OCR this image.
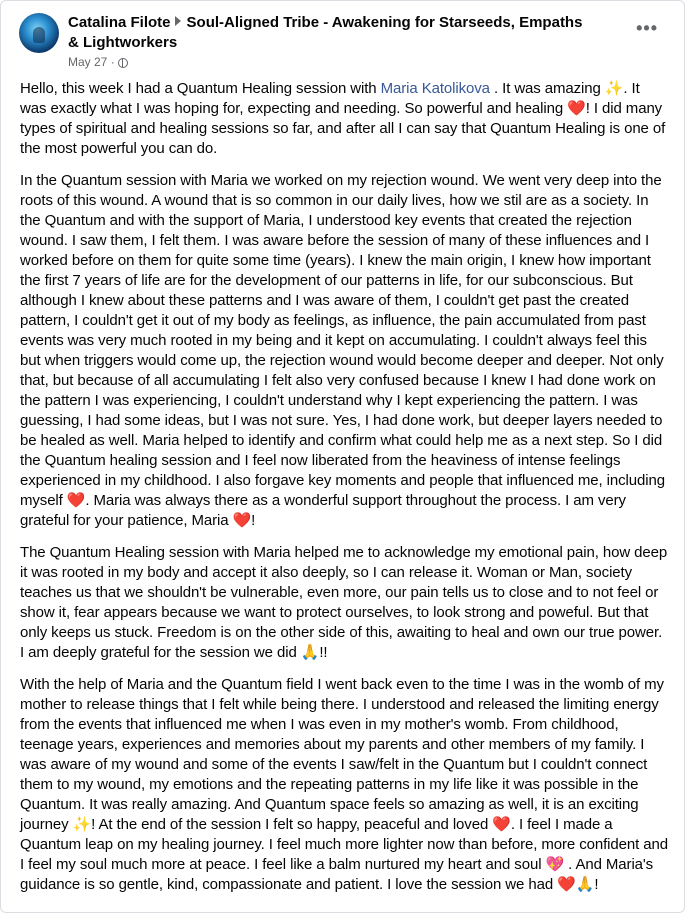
Catalina Filote Soul-Aligned Tribe - Awakening for Starseeds, Empaths & Lightworkers
May 27 ·
•••

Hello, this week I had a Quantum Healing session with Maria Katolikova . It was amazing ✨. It was exactly what I was hoping for, expecting and needing. So powerful and healing ❤️! I did many types of spiritual and healing sessions so far, and after all I can say that Quantum Healing is one of the most powerful you can do.

In the Quantum session with Maria we worked on my rejection wound. We went very deep into the roots of this wound. A wound that is so common in our daily lives, how we stil are as a society. In the Quantum and with the support of Maria, I understood key events that created the rejection wound. I saw them, I felt them. I was aware before the session of many of these influences and I worked before on them for quite some time (years). I knew the main origin, I knew how important the first 7 years of life are for the development of our patterns in life, for our subconscious. But although I knew about these patterns and I was aware of them, I couldn't get past the created pattern, I couldn't get it out of my body as feelings, as influence, the pain accumulated from past events was very much rooted in my being and it kept on accumulating. I couldn't always feel this but when triggers would come up, the rejection wound would become deeper and deeper. Not only that, but because of all accumulating I felt also very confused because I knew I had done work on the pattern I was experiencing, I couldn't understand why I kept experiencing the pattern. I was guessing, I had some ideas, but I was not sure. Yes, I had done work, but deeper layers needed to be healed as well. Maria helped to identify and confirm what could help me as a next step. So I did the Quantum healing session and I feel now liberated from the heaviness of intense feelings experienced in my childhood. I also forgave key moments and people that influenced me, including myself ❤️. Maria was always there as a wonderful support throughout the process. I am very grateful for your patience, Maria ❤️!

The Quantum Healing session with Maria helped me to acknowledge my emotional pain, how deep it was rooted in my body and accept it also deeply, so I can release it. Woman or Man, society teaches us that we shouldn't be vulnerable, even more, our pain tells us to close and to not feel or show it, fear appears because we want to protect ourselves, to look strong and poweful. But that only keeps us stuck. Freedom is on the other side of this, awaiting to heal and own our true power. I am deeply grateful for the session we did 🙏!!

With the help of Maria and the Quantum field I went back even to the time I was in the womb of my mother to release things that I felt while being there. I understood and released the limiting energy from the events that influenced me when I was even in my mother's womb. From childhood, teenage years, experiences and memories about my parents and other members of my family. I was aware of my wound and some of the events I saw/felt in the Quantum but I couldn't connect them to my wound, my emotions and the repeating patterns in my life like it was possible in the Quantum. It was really amazing. And Quantum space feels so amazing as well, it is an exciting journey ✨! At the end of the session I felt so happy, peaceful and loved ❤️. I feel I made a Quantum leap on my healing journey. I feel much more lighter now than before, more confident and I feel my soul much more at peace. I feel like a balm nurtured my heart and soul 💖 . And Maria's guidance is so gentle, kind, compassionate and patient. I love the session we had ❤️🙏!
